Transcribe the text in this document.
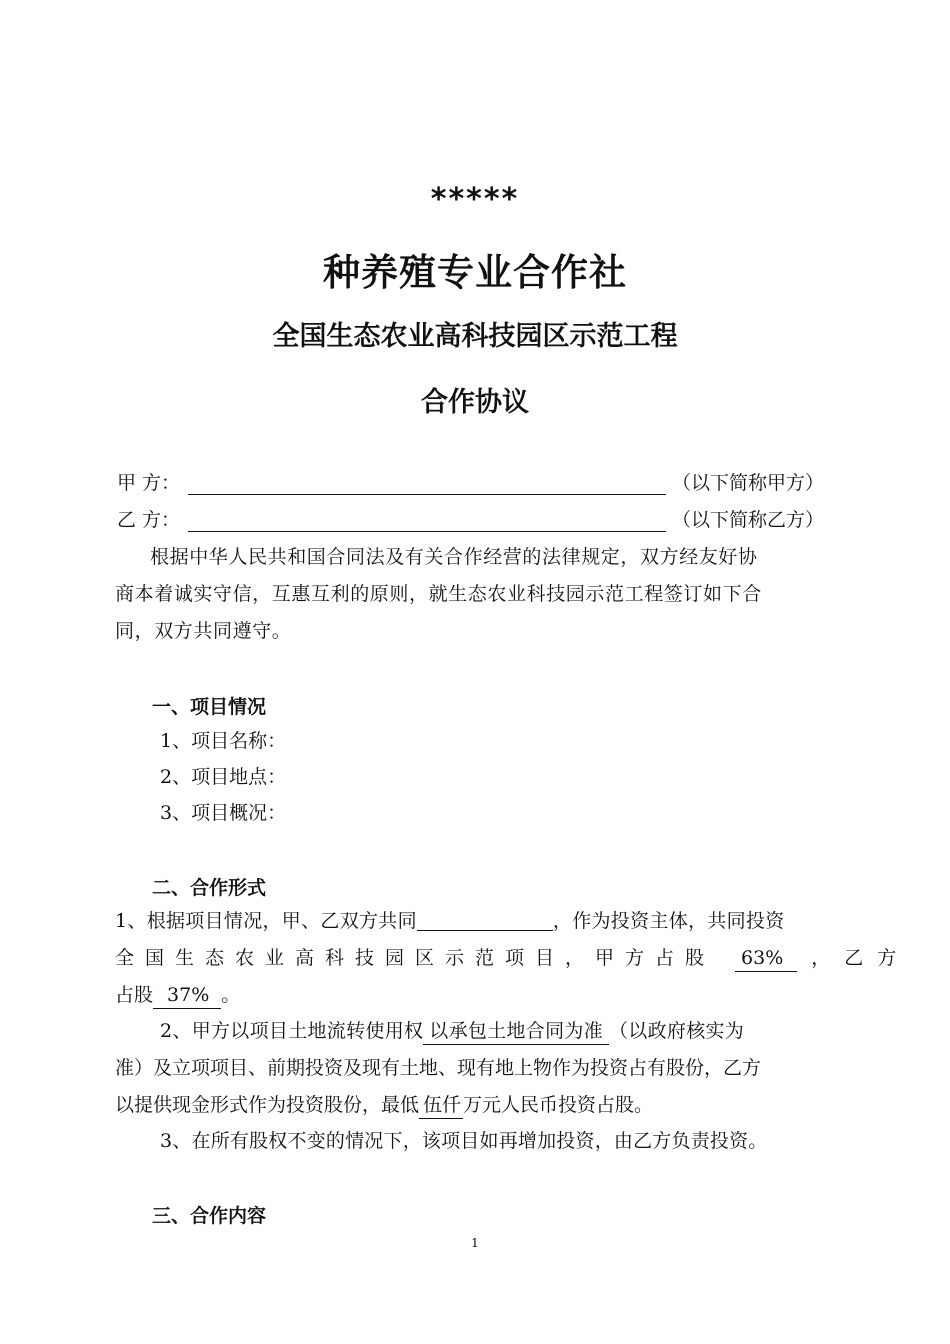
*****
种养殖专业合作社
全国生态农业高科技园区示范工程
合作协议
甲 方：	（以下简称甲方）
乙 方：	（以下简称乙方）
根据中华人民共和国合同法及有关合作经营的法律规定，双方经友好协
商本着诚实守信，互惠互利的原则，就生态农业科技园示范工程签订如下合
同，双方共同遵守。
一、项目情况
1、项目名称：
2、项目地点：
3、项目概况：
二、合作形式
1、根据项目情况，甲、乙双方共同	，作为投资主体，共同投资
全国生态农业高科技园区示范项目，甲方占股 63% ，乙方
占股 37% 。
2、甲方以项目土地流转使用权 以承包土地合同为准 （以政府核实为
准）及立项项目、前期投资及现有土地、现有地上物作为投资占有股份，乙方
以提供现金形式作为投资股份，最低 伍仟 万元人民币投资占股。
3、在所有股权不变的情况下，该项目如再增加投资，由乙方负责投资。
三、合作内容
1
